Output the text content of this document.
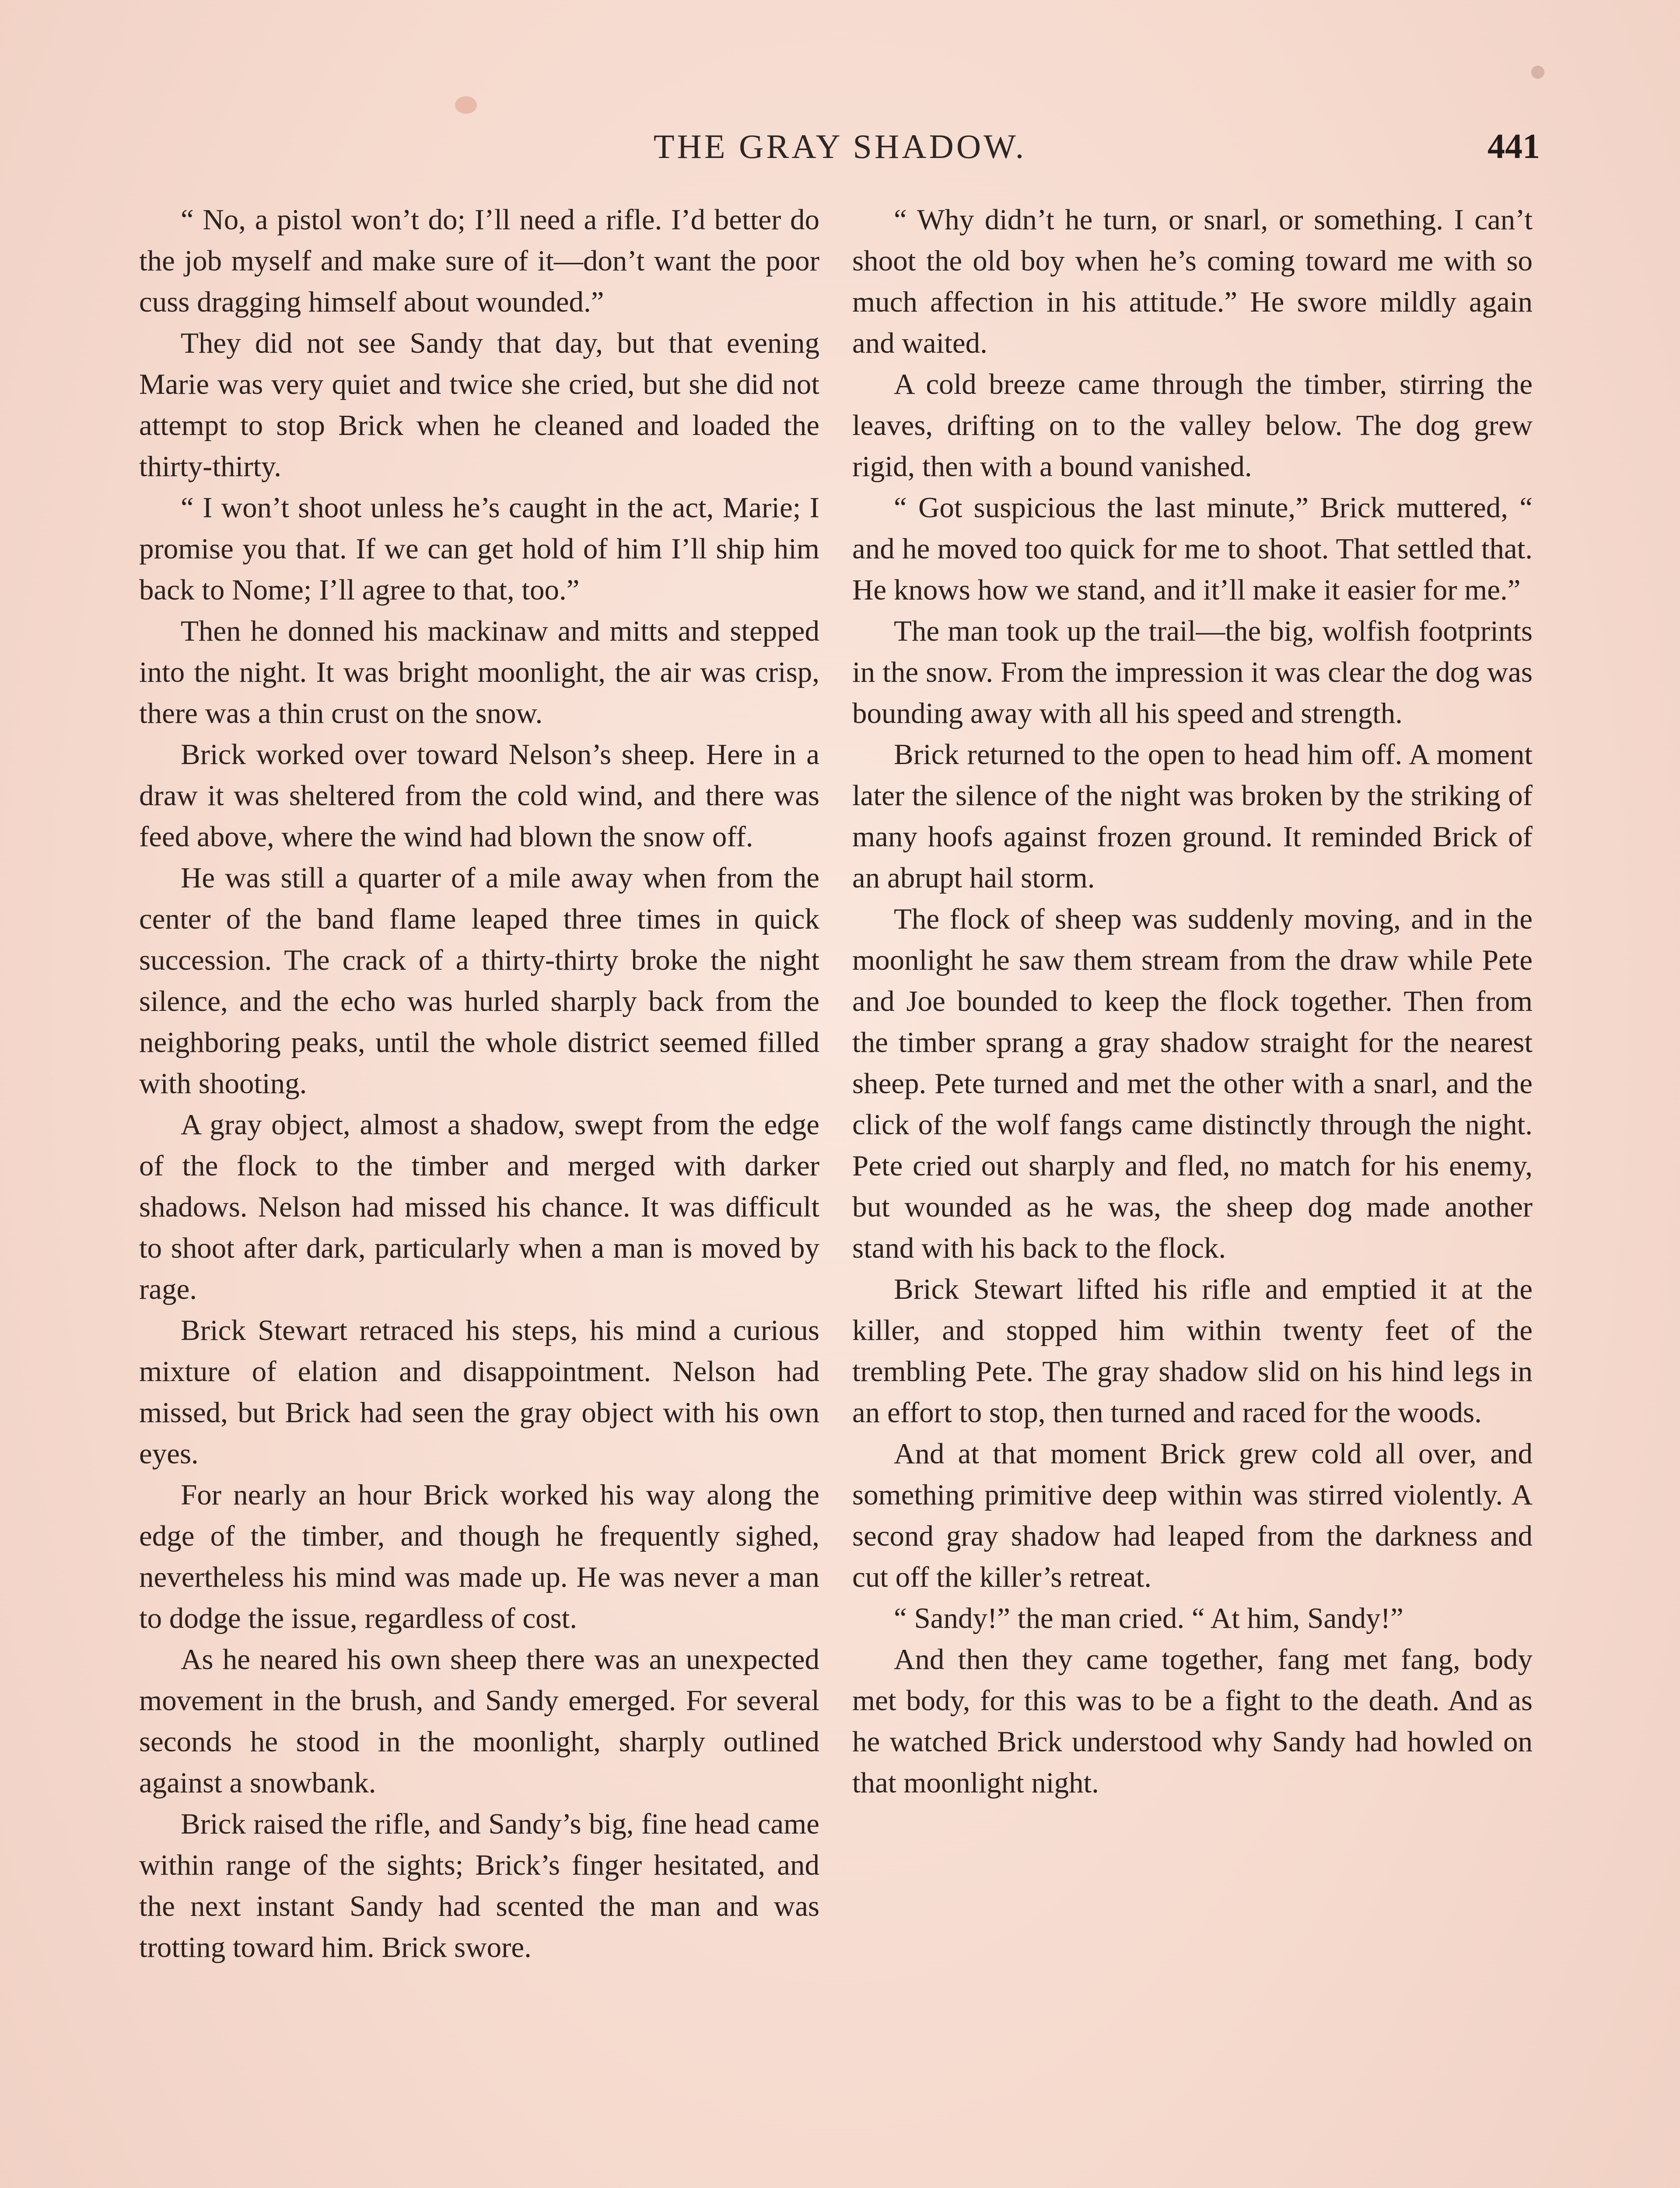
THE GRAY SHADOW.	441

“ No, a pistol won’t do; I’ll need a rifle. I’d better do the job myself and make sure of it—don’t want the poor cuss dragging himself about wounded.”

They did not see Sandy that day, but that evening Marie was very quiet and twice she cried, but she did not attempt to stop Brick when he cleaned and loaded the thirty-thirty.

“ I won’t shoot unless he’s caught in the act, Marie; I promise you that. If we can get hold of him I’ll ship him back to Nome; I’ll agree to that, too.”

Then he donned his mackinaw and mitts and stepped into the night. It was bright moonlight, the air was crisp, there was a thin crust on the snow.

Brick worked over toward Nelson’s sheep. Here in a draw it was sheltered from the cold wind, and there was feed above, where the wind had blown the snow off.

He was still a quarter of a mile away when from the center of the band flame leaped three times in quick succession. The crack of a thirty-thirty broke the night silence, and the echo was hurled sharply back from the neighboring peaks, until the whole district seemed filled with shooting.

A gray object, almost a shadow, swept from the edge of the flock to the timber and merged with darker shadows. Nelson had missed his chance. It was difficult to shoot after dark, particularly when a man is moved by rage.

Brick Stewart retraced his steps, his mind a curious mixture of elation and disappointment. Nelson had missed, but Brick had seen the gray object with his own eyes.

For nearly an hour Brick worked his way along the edge of the timber, and though he frequently sighed, nevertheless his mind was made up. He was never a man to dodge the issue, regardless of cost.

As he neared his own sheep there was an unexpected movement in the brush, and Sandy emerged. For several seconds he stood in the moonlight, sharply outlined against a snowbank.

Brick raised the rifle, and Sandy’s big, fine head came within range of the sights; Brick’s finger hesitated, and the next instant Sandy had scented the man and was trotting toward him. Brick swore.

“ Why didn’t he turn, or snarl, or something. I can’t shoot the old boy when he’s coming toward me with so much affection in his attitude.” He swore mildly again and waited.

A cold breeze came through the timber, stirring the leaves, drifting on to the valley below. The dog grew rigid, then with a bound vanished.

“ Got suspicious the last minute,” Brick muttered, “ and he moved too quick for me to shoot. That settled that. He knows how we stand, and it’ll make it easier for me.”

The man took up the trail—the big, wolfish footprints in the snow. From the impression it was clear the dog was bounding away with all his speed and strength.

Brick returned to the open to head him off. A moment later the silence of the night was broken by the striking of many hoofs against frozen ground. It reminded Brick of an abrupt hail storm.

The flock of sheep was suddenly moving, and in the moonlight he saw them stream from the draw while Pete and Joe bounded to keep the flock together. Then from the timber sprang a gray shadow straight for the nearest sheep. Pete turned and met the other with a snarl, and the click of the wolf fangs came distinctly through the night. Pete cried out sharply and fled, no match for his enemy, but wounded as he was, the sheep dog made another stand with his back to the flock.

Brick Stewart lifted his rifle and emptied it at the killer, and stopped him within twenty feet of the trembling Pete. The gray shadow slid on his hind legs in an effort to stop, then turned and raced for the woods.

And at that moment Brick grew cold all over, and something primitive deep within was stirred violently. A second gray shadow had leaped from the darkness and cut off the killer’s retreat.

“ Sandy!” the man cried. “ At him, Sandy!”

And then they came together, fang met fang, body met body, for this was to be a fight to the death. And as he watched Brick understood why Sandy had howled on that moonlight night.
